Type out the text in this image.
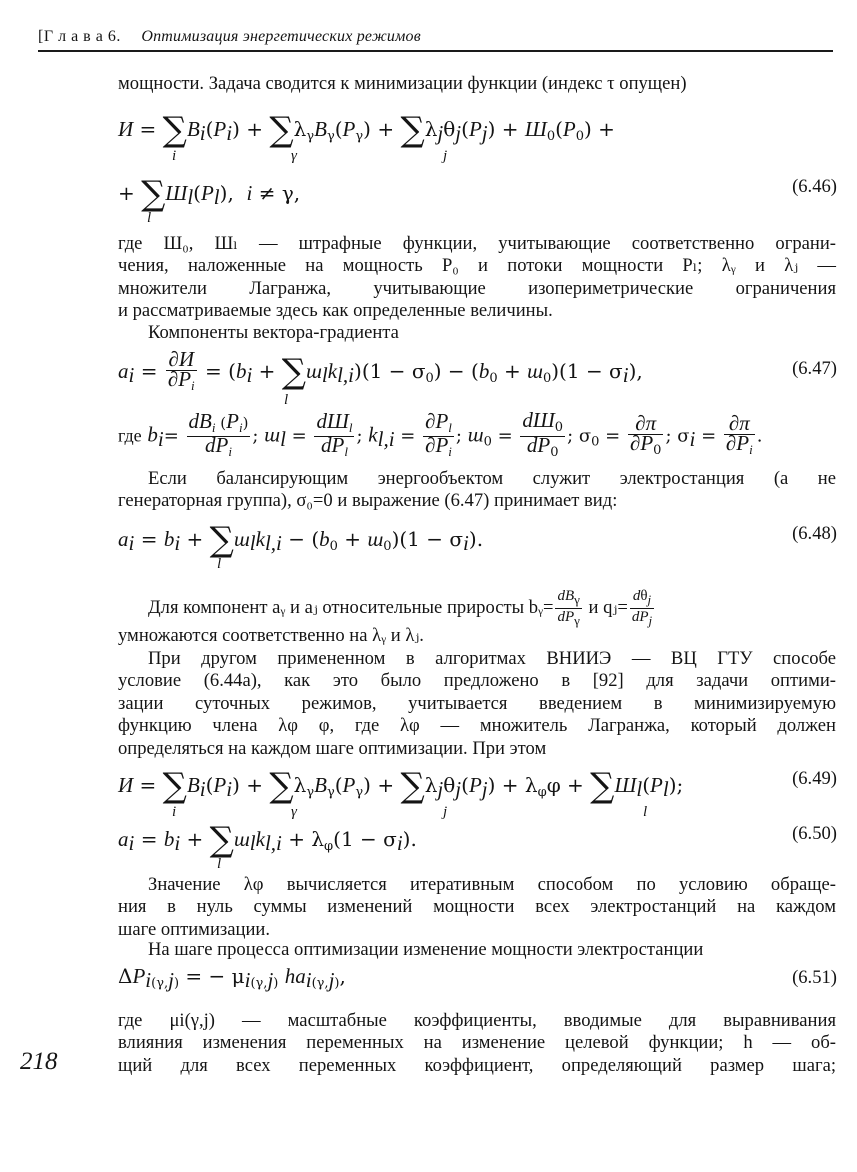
[Г л а в а 6. Оптимизация энергетических режимов
мощности. Задача сводится к минимизации функции (индекс τ опущен)
$И = \sum B_i(P_i) + \sum\lambda_\gamma B_\gamma(P_\gamma) + \sum\lambda_j\theta_j(P_j) + Ш_0(P_0)$ +
i	γ	j
+ $\sum Ш_l(P_l)$,  i ≠ γ,
l
(6.46)
где Ш₀, Шₗ — штрафные функции, учитывающие соответственно ограни-
чения, наложенные на мощность P₀ и потоки мощности Pₗ; λᵧ и λⱼ —
множители Лагранжа, учитывающие изопериметрические ограничения
и рассматриваемые здесь как определенные величины.
Компоненты вектора-градиента
$a_i = \frac{\partial И}{\partial P_i} = (b_i + \sum ш_lk_{l,i})(1 - \sigma_0) - (b_0 + ш_0)(1 - \sigma_i)$,
l
(6.47)
где $b_i= \frac{dB_i (P_i)}{dP_i}$ ; $ш_l = \frac{dШ_l}{dP_l}$ ; $k_{l,i} = \frac{\partial P_l}{\partial P_i}$ ; $ш_0 = \frac{dШ0}{dP0}$ ; $\sigma_0 = \frac{\partial\pi}{\partial P0}$ ; $\sigma_i = \frac{\partial\pi}{\partial P_i}$ .
Если балансирующим энергообъектом служит электростанция (а не
генераторная группа), σ₀=0 и выражение (6.47) принимает вид:
$a_i = b_i + \sum ш_lk_{l,i} - (b_0 + ш_0)(1 - \sigma_i)$.
l
(6.48)
Для компонент aᵧ и aⱼ относительные приросты bᵧ= $\frac{\text{dBγ}}{\text{dPγ}}$ и qⱼ= $\frac{\text{dθj}}{\text{dPj}}$
умножаются соответственно на λᵧ и λⱼ.
При другом примененном в алгоритмах ВНИИЭ — ВЦ ГТУ способе
условие (6.44а), как это было предложено в [92] для задачи оптими-
зации суточных режимов, учитывается введением в минимизируемую
функцию члена λφ φ, где λφ — множитель Лагранжа, который должен
определяться на каждом шаге оптимизации. При этом
$И = \sum B_i(P_i) + \sum\lambda_\gamma B_\gamma(P_\gamma) + \sum\lambda_j\theta_j(P_j) + \lambda_\varphi\varphi + \sum Ш_l(P_l)$;
i	γ	j	l
(6.49)
$a_i = b_i + \sum ш_lk_{l,i} + \lambda_\varphi(1 - \sigma_i)$.
l
(6.50)
Значение λφ вычисляется итеративным способом по условию обраще-
ния в нуль суммы изменений мощности всех электростанций на каждом
шаге оптимизации.
На шаге процесса оптимизации изменение мощности электростанции
$\Delta P_{i(\gamma,j)}$ = − $\mu_{i(\gamma,j)}$ $ha_{i(\gamma,j)}$,	(6.51)
где μi(γ,j) — масштабные коэффициенты, вводимые для выравнивания
влияния изменения переменных на изменение целевой функции; h — об-
щий для всех переменных коэффициент, определяющий размер шага;
218
